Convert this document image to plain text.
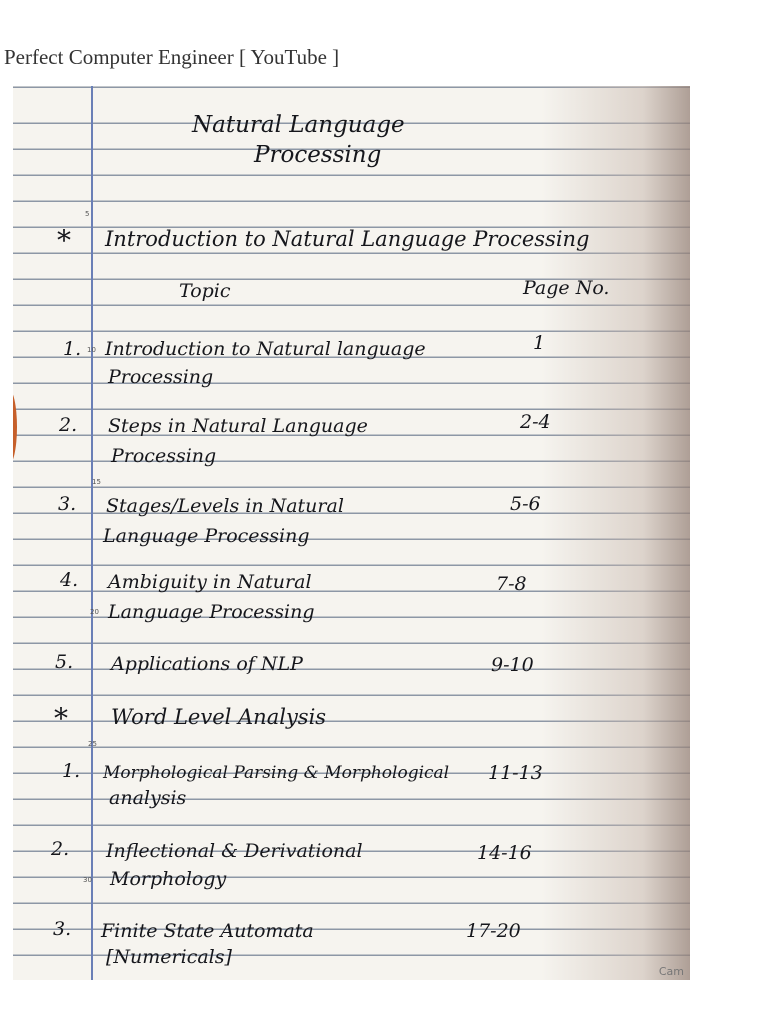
Perfect Computer Engineer [ YouTube ]
5
10
15
20
25
30
Natural Language
Processing
* Introduction to Natural Language Processing
Topic	Page No.
1. Introduction to Natural language
Processing
1
2. Steps in Natural Language
Processing
2-4
3. Stages/Levels in Natural
Language Processing
5-6
4. Ambiguity in Natural
Language Processing
7-8
5. Applications of NLP	9-10
* Word Level Analysis
1. Morphological Parsing & Morphological
analysis
11-13
2. Inflectional & Derivational
Morphology
14-16
3. Finite State Automata
[Numericals]
17-20
Cam
